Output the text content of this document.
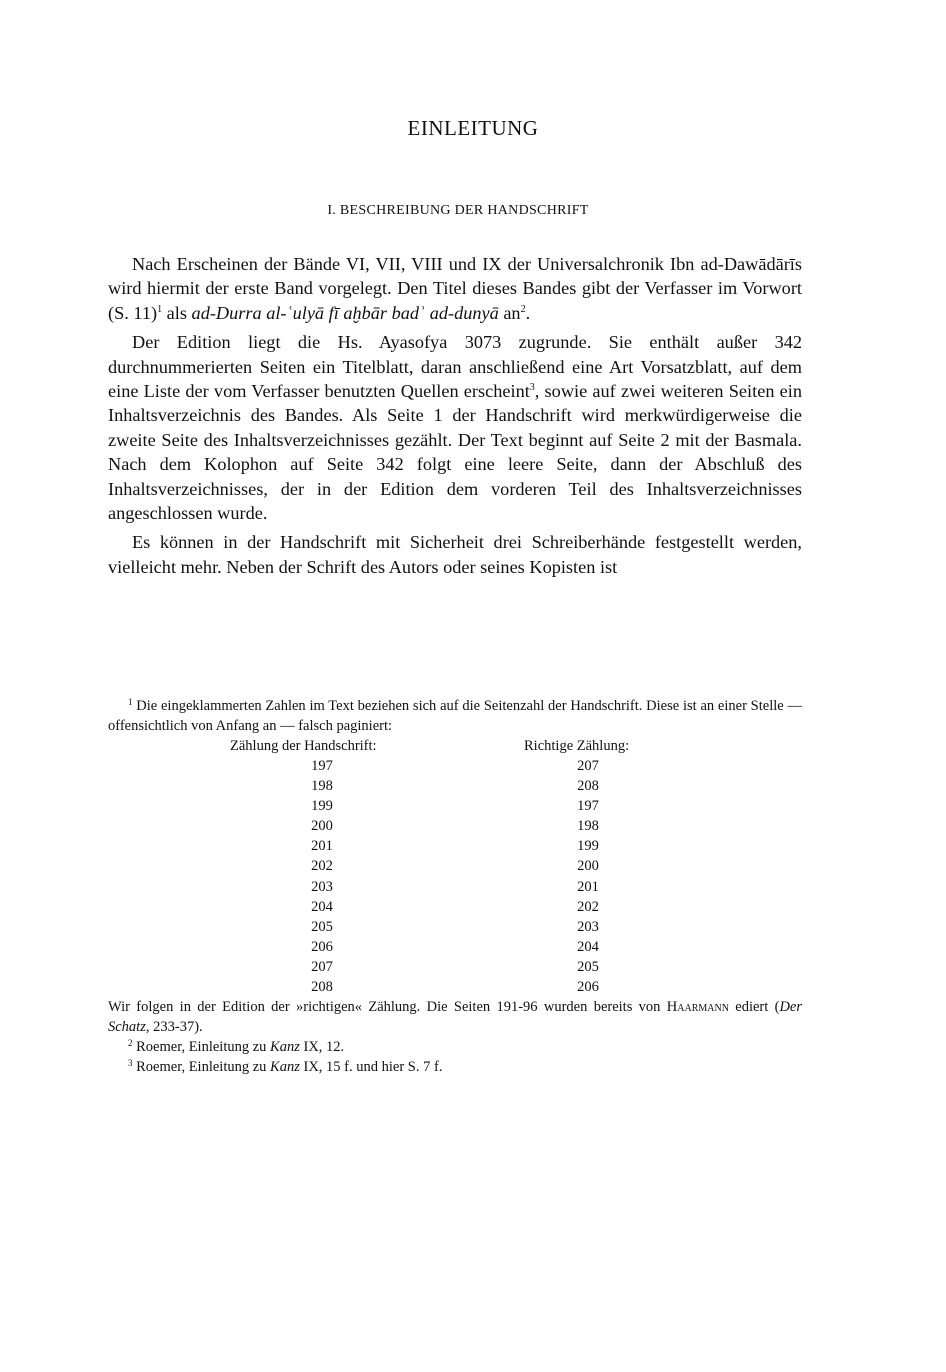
EINLEITUNG
I. BESCHREIBUNG DER HANDSCHRIFT

Nach Erscheinen der Bände VI, VII, VIII und IX der Universalchronik Ibn ad-Dawādārīs wird hiermit der erste Band vorgelegt. Den Titel dieses Bandes gibt der Verfasser im Vorwort (S. 11)$^1$ als ad-Durra al-ʿulyā fī aḫbār badʾ ad-dunyā $an^2$.

Der Edition liegt die Hs. Ayasofya 3073 zugrunde. Sie enthält außer 342 durchnummerierten Seiten ein Titelblatt, daran anschließend eine Art Vorsatzblatt, auf dem eine Liste der vom Verfasser benutzten Quellen erscheint$^3$, sowie auf zwei weiteren Seiten ein Inhaltsverzeichnis des Bandes. Als Seite 1 der Handschrift wird merkwürdigerweise die zweite Seite des Inhaltsverzeichnisses gezählt. Der Text beginnt auf Seite 2 mit der Basmala. Nach dem Kolophon auf Seite 342 folgt eine leere Seite, dann der Abschluß des Inhaltsverzeichnisses, der in der Edition dem vorderen Teil des Inhaltsverzeichnisses angeschlossen wurde.

Es können in der Handschrift mit Sicherheit drei Schreiberhände festgestellt werden, vielleicht mehr. Neben der Schrift des Autors oder seines Kopisten ist

$^1$ Die eingeklammerten Zahlen im Text beziehen sich auf die Seitenzahl der Handschrift. Diese ist an einer Stelle — offensichtlich von Anfang an — falsch paginiert:

Zählung der Handschrift:	Richtige Zählung:
197	207
198	208
199	197
200	198
201	199
202	200
203	201
204	202
205	203
206	204
207	205
208	206

Wir folgen in der Edition der »richtigen« Zählung. Die Seiten 191-96 wurden bereits von Haarmann ediert (Der Schatz, 233-37).

$^2$ Roemer, Einleitung zu Kanz IX, 12.

$^3$ Roemer, Einleitung zu Kanz IX, 15 f. und hier S. 7 f.
